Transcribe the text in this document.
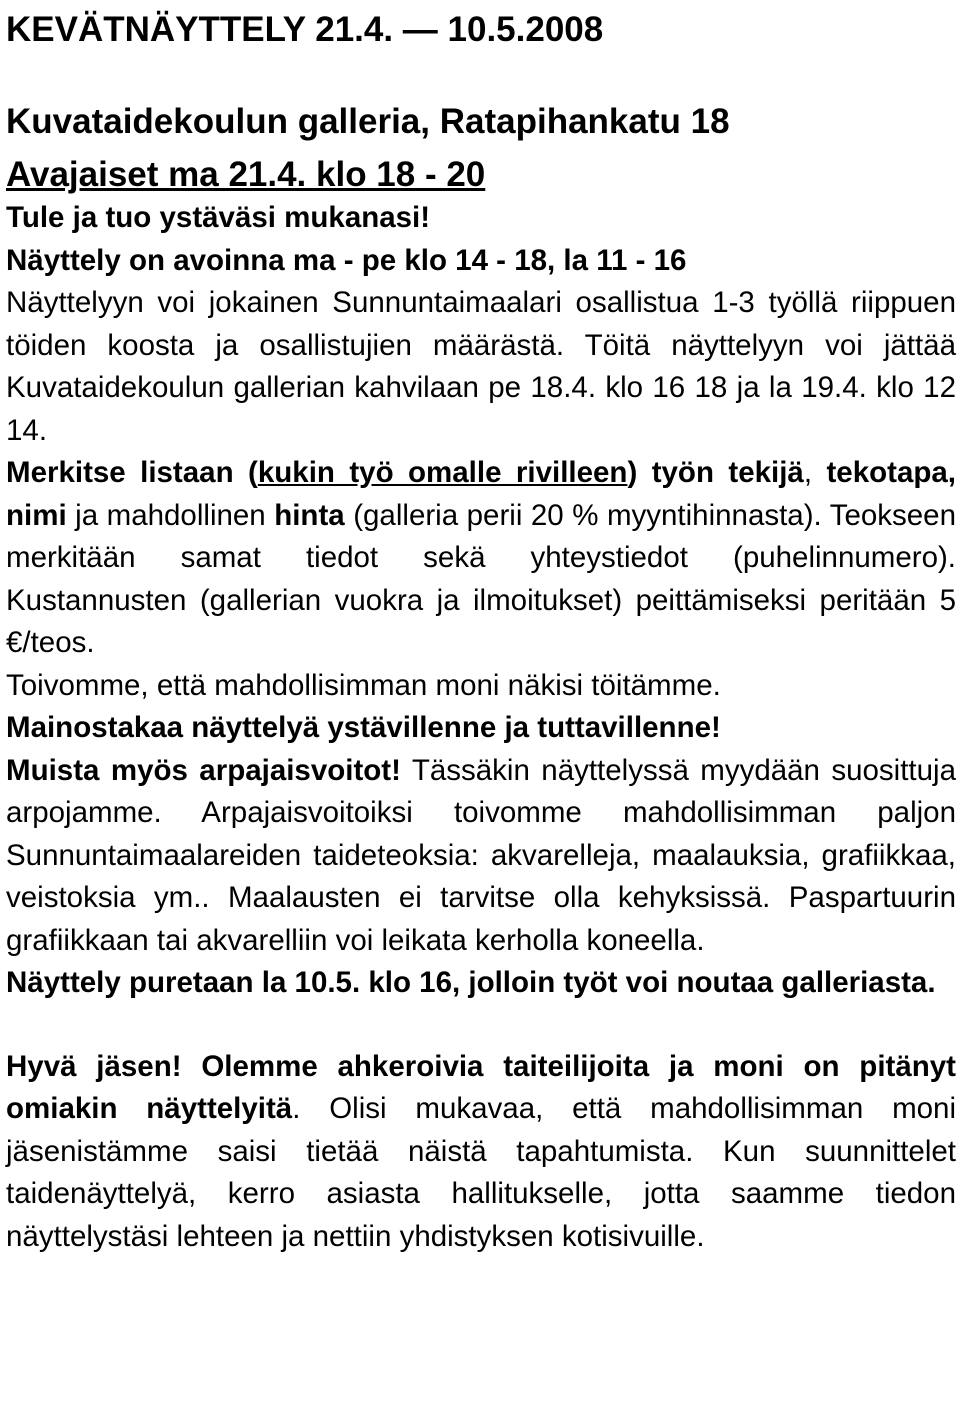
KEVÄTNÄYTTELY 21.4. — 10.5.2008
Kuvataidekoulun galleria, Ratapihankatu 18
Avajaiset ma 21.4. klo 18 - 20
Tule ja tuo ystäväsi mukanasi!
Näyttely on avoinna ma - pe klo 14 - 18, la 11 - 16
Näyttelyyn voi jokainen Sunnuntaimaalari osallistua 1-3 työllä riippuen töiden koosta ja osallistujien määrästä. Töitä näyttelyyn voi jättää Kuvataidekoulun gallerian kahvilaan pe 18.4. klo 16 18 ja la 19.4. klo 12 14.
Merkitse listaan (kukin työ omalle rivilleen) työn tekijä, tekotapa, nimi ja mahdollinen hinta (galleria perii 20 % myyntihinnasta). Teokseen merkitään samat tiedot sekä yhteystiedot (puhelinnumero). Kustannusten (gallerian vuokra ja ilmoitukset) peittämiseksi peritään 5 €/teos.
Toivomme, että mahdollisimman moni näkisi töitämme.
Mainostakaa näyttelyä ystävillenne ja tuttavillenne!
Muista myös arpajaisvoitot! Tässäkin näyttelyssä myydään suosittuja arpojamme. Arpajaisvoitoiksi toivomme mahdollisimman paljon Sunnuntaimaalareiden taideteoksia: akvarelleja, maalauksia, grafiikkaa, veistoksia ym.. Maalausten ei tarvitse olla kehyksissä. Paspartuurin grafiikkaan tai akvarelliin voi leikata kerholla koneella.
Näyttely puretaan la 10.5. klo 16, jolloin työt voi noutaa galleriasta.
Hyvä jäsen! Olemme ahkeroivia taiteilijoita ja moni on pitänyt omiakin näyttelyitä. Olisi mukavaa, että mahdollisimman moni jäsenistämme saisi tietää näistä tapahtumista. Kun suunnittelet taidenäyttelyä, kerro asiasta hallitukselle, jotta saamme tiedon näyttelystäsi lehteen ja nettiin yhdistyksen kotisivuille.
